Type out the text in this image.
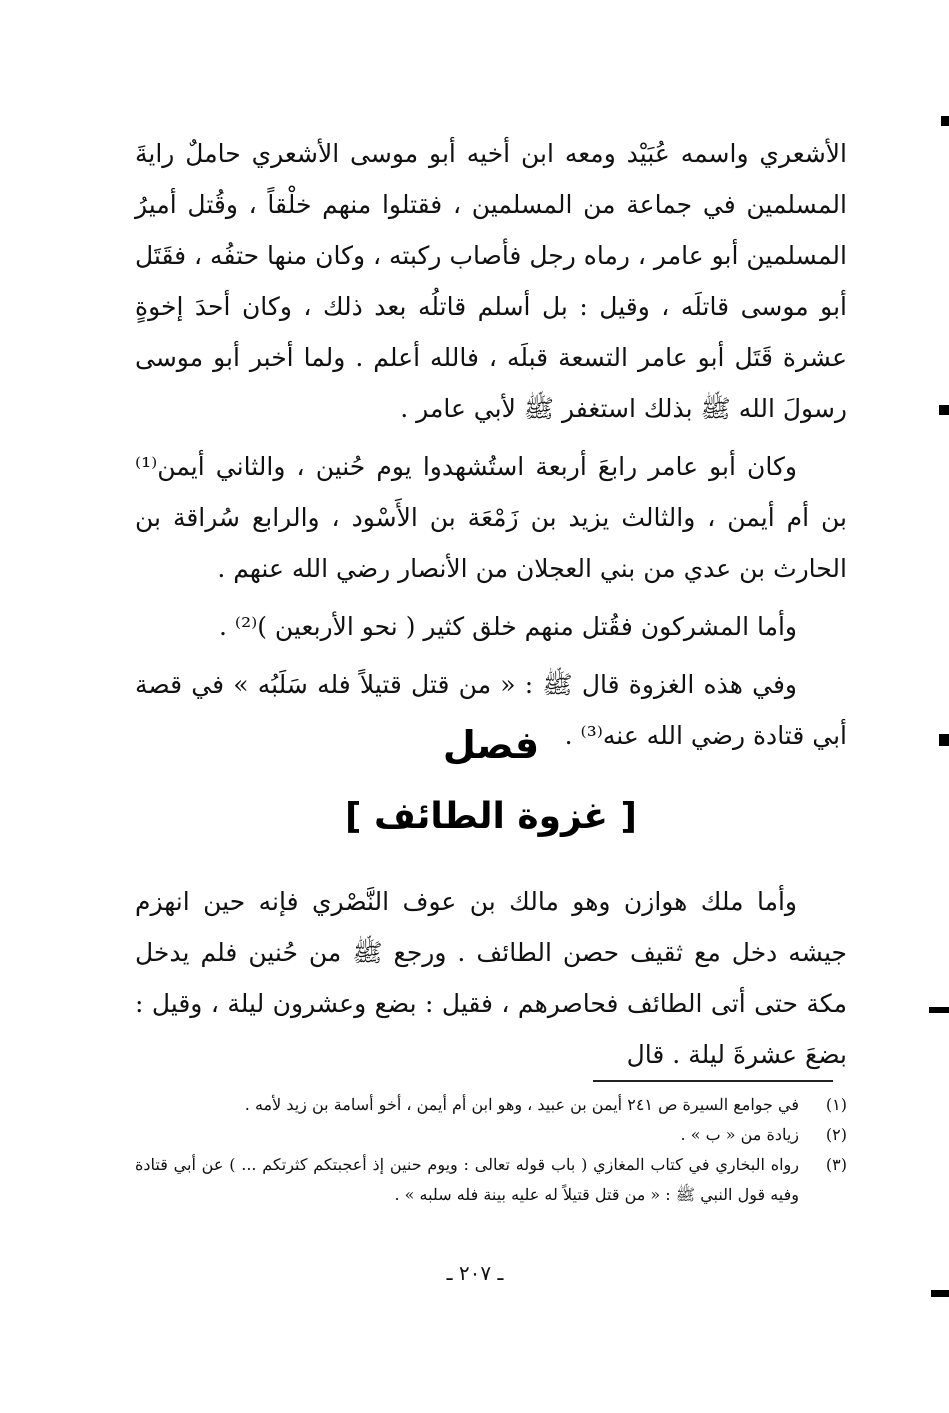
الأشعري واسمه عُبَيْد ومعه ابن أخيه أبو موسى الأشعري حاملٌ رايةَ المسلمين في جماعة من المسلمين ، فقتلوا منهم خلْقاً ، وقُتل أميرُ المسلمين أبو عامر ، رماه رجل فأصاب ركبته ، وكان منها حتفُه ، فقَتَل أبو موسى قاتلَه ، وقيل : بل أسلم قاتلُه بعد ذلك ، وكان أحدَ إخوةٍ عشرة قَتَل أبو عامر التسعة قبلَه ، فالله أعلم . ولما أخبر أبو موسى رسولَ الله ﷺ بذلك استغفر ﷺ لأبي عامر .

وكان أبو عامر رابعَ أربعة استُشهدوا يوم حُنين ، والثاني أيمن⁽¹⁾ بن أم أيمن ، والثالث يزيد بن زَمْعَة بن الأَسْود ، والرابع سُراقة بن الحارث بن عدي من بني العجلان من الأنصار رضي الله عنهم .

وأما المشركون فقُتل منهم خلق كثير ( نحو الأربعين )⁽²⁾ .

وفي هذه الغزوة قال ﷺ : « من قتل قتيلاً فله سَلَبُه » في قصة أبي قتادة رضي الله عنه⁽³⁾ .

فصل
[ غزوة الطائف ]

وأما ملك هوازن وهو مالك بن عوف النَّصْري فإنه حين انهزم جيشه دخل مع ثقيف حصن الطائف . ورجع ﷺ من حُنين فلم يدخل مكة حتى أتى الطائف فحاصرهم ، فقيل : بضع وعشرون ليلة ، وقيل : بضعَ عشرةَ ليلة . قال

(١)
في جوامع السيرة ص ٢٤١ أيمن بن عبيد ، وهو ابن أم أيمن ، أخو أسامة بن زيد لأمه .
(٢)
زيادة من « ب » .
(٣)
رواه البخاري في كتاب المغازي ( باب قوله تعالى : ويوم حنين إذ أعجبتكم كثرتكم ... ) عن أبي قتادة وفيه قول النبي ﷺ : « من قتل قتيلاً له عليه بينة فله سلبه » .
ـ ٢٠٧ ـ
